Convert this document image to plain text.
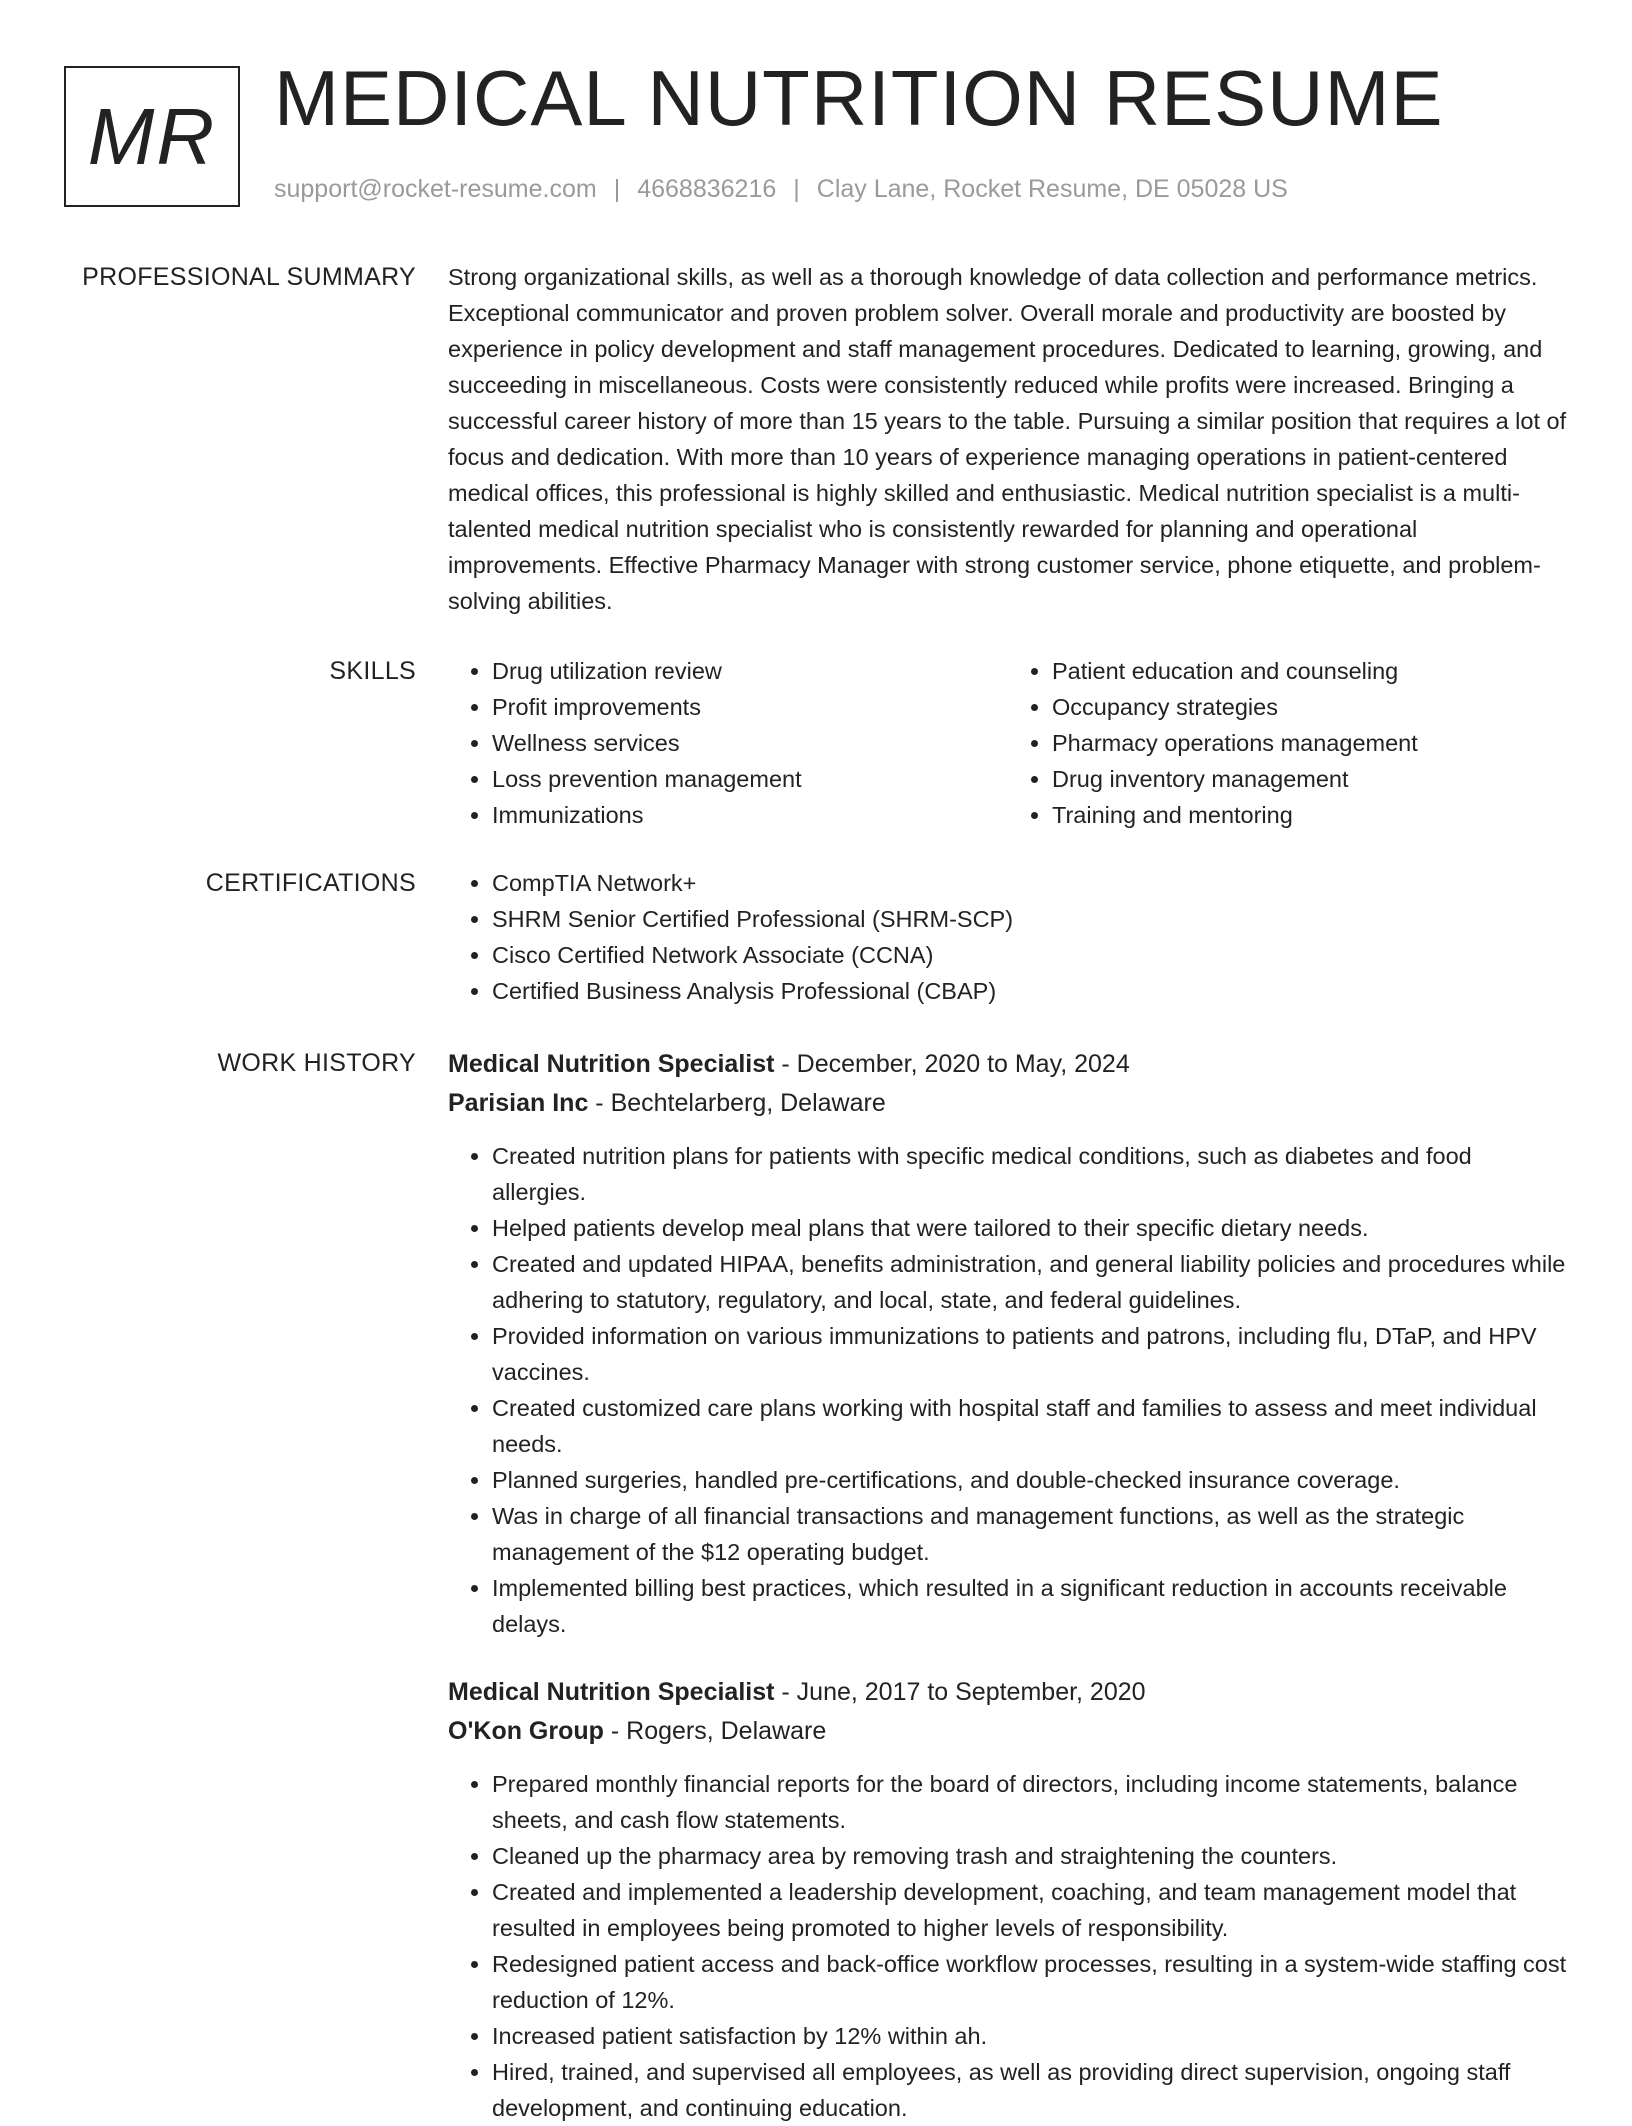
MR MEDICAL NUTRITION RESUME
support@rocket-resume.com | 4668836216 | Clay Lane, Rocket Resume, DE 05028 US
PROFESSIONAL SUMMARY Strong organizational skills, as well as a thorough knowledge of data collection and performance metrics. Exceptional communicator and proven problem solver. Overall morale and productivity are boosted by experience in policy development and staff management procedures. Dedicated to learning, growing, and succeeding in miscellaneous. Costs were consistently reduced while profits were increased. Bringing a successful career history of more than 15 years to the table. Pursuing a similar position that requires a lot of focus and dedication. With more than 10 years of experience managing operations in patient-centered medical offices, this professional is highly skilled and enthusiastic. Medical nutrition specialist is a multi-talented medical nutrition specialist who is consistently rewarded for planning and operational improvements. Effective Pharmacy Manager with strong customer service, phone etiquette, and problem-solving abilities.

SKILLS	• Drug utilization review
• Profit improvements
• Wellness services
• Loss prevention management
• Immunizations
• Patient education and counseling
• Occupancy strategies
• Pharmacy operations management
• Drug inventory management
• Training and mentoring
CERTIFICATIONS	• CompTIA Network+
• SHRM Senior Certified Professional (SHRM-SCP)
• Cisco Certified Network Associate (CCNA)
• Certified Business Analysis Professional (CBAP)
WORK HISTORY Medical Nutrition Specialist - December, 2020 to May, 2024
Parisian Inc - Bechtelarberg, Delaware
• Created nutrition plans for patients with specific medical conditions, such as diabetes and food allergies.
• Helped patients develop meal plans that were tailored to their specific dietary needs.
• Created and updated HIPAA, benefits administration, and general liability policies and procedures while adhering to statutory, regulatory, and local, state, and federal guidelines.
• Provided information on various immunizations to patients and patrons, including flu, DTaP, and HPV vaccines.
• Created customized care plans working with hospital staff and families to assess and meet individual needs.
• Planned surgeries, handled pre-certifications, and double-checked insurance coverage.
• Was in charge of all financial transactions and management functions, as well as the strategic management of the $12 operating budget.
• Implemented billing best practices, which resulted in a significant reduction in accounts receivable delays.
Medical Nutrition Specialist - June, 2017 to September, 2020
O'Kon Group - Rogers, Delaware
• Prepared monthly financial reports for the board of directors, including income statements, balance sheets, and cash flow statements.
• Cleaned up the pharmacy area by removing trash and straightening the counters.
• Created and implemented a leadership development, coaching, and team management model that resulted in employees being promoted to higher levels of responsibility.
• Redesigned patient access and back-office workflow processes, resulting in a system-wide staffing cost reduction of 12%.
• Increased patient satisfaction by 12% within ah.
• Hired, trained, and supervised all employees, as well as providing direct supervision, ongoing staff development, and continuing education.
